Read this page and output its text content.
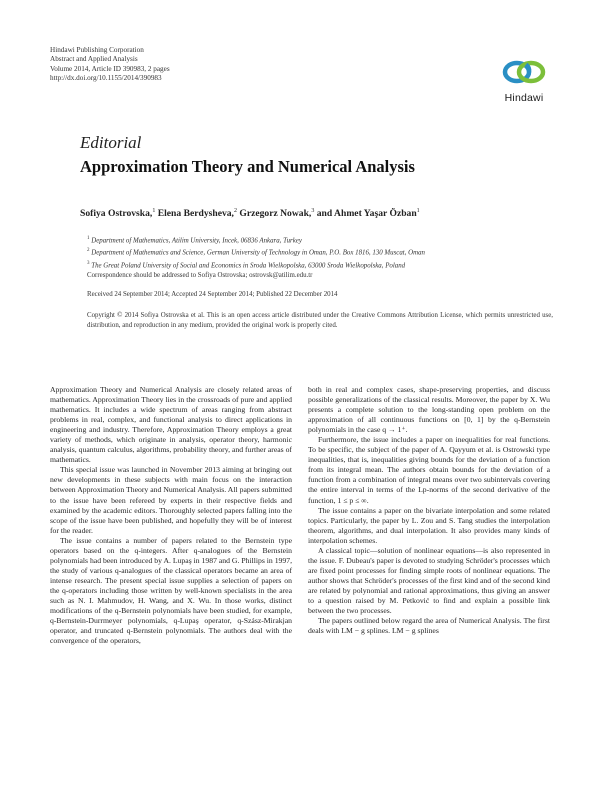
Hindawi Publishing Corporation
Abstract and Applied Analysis
Volume 2014, Article ID 390983, 2 pages
http://dx.doi.org/10.1155/2014/390983
Hindawi
Editorial
Approximation Theory and Numerical Analysis
Sofiya Ostrovska,$^1$ Elena Berdysheva,$^2$ Grzegorz Nowak,$^3$ and Ahmet Yaşar Özban$^1$
$^1$ Department of Mathematics, Atilim University, Incek, 06836 Ankara, Turkey
$^2$ Department of Mathematics and Science, German University of Technology in Oman, P.O. Box 1816, 130 Muscat, Oman
$^3$ The Great Poland University of Social and Economics in Sroda Wielkopolska, 63000 Sroda Wielkopolska, Poland
Correspondence should be addressed to Sofiya Ostrovska; ostrovsk@atilim.edu.tr
Received 24 September 2014; Accepted 24 September 2014; Published 22 December 2014
Copyright © 2014 Sofiya Ostrovska et al. This is an open access article distributed under the Creative Commons Attribution License, which permits unrestricted use, distribution, and reproduction in any medium, provided the original work is properly cited.

Approximation Theory and Numerical Analysis are closely related areas of mathematics. Approximation Theory lies in the crossroads of pure and applied mathematics. It includes a wide spectrum of areas ranging from abstract problems in real, complex, and functional analysis to direct applications in engineering and industry. Therefore, Approximation Theory employs a great variety of methods, which originate in analysis, operator theory, harmonic analysis, quantum calculus, algorithms, probability theory, and further areas of mathematics.

This special issue was launched in November 2013 aiming at bringing out new developments in these subjects with main focus on the interaction between Approximation Theory and Numerical Analysis. All papers submitted to the issue have been refereed by experts in their respective fields and examined by the academic editors. Thoroughly selected papers falling into the scope of the issue have been published, and hopefully they will be of interest for the reader.

The issue contains a number of papers related to the Bernstein type operators based on the q-integers. After q-analogues of the Bernstein polynomials had been introduced by A. Lupaş in 1987 and G. Phillips in 1997, the study of various q-analogues of the classical operators became an area of intense research. The present special issue supplies a selection of papers on the q-operators including those written by well-known specialists in the area such as N. I. Mahmudov, H. Wang, and X. Wu. In those works, distinct modifications of the q-Bernstein polynomials have been studied, for example, q-Bernstein-Durrmeyer polynomials, q-Lupaş operator, q-Szász-Mirakjan operator, and truncated q-Bernstein polynomials. The authors deal with the convergence of the operators,

both in real and complex cases, shape-preserving properties, and discuss possible generalizations of the classical results. Moreover, the paper by X. Wu presents a complete solution to the long-standing open problem on the approximation of all continuous functions on [0, 1] by the q-Bernstein polynomials in the case q → 1⁺.

Furthermore, the issue includes a paper on inequalities for real functions. To be specific, the subject of the paper of A. Qayyum et al. is Ostrowski type inequalities, that is, inequalities giving bounds for the deviation of a function from its integral mean. The authors obtain bounds for the deviation of a function from a combination of integral means over two subintervals covering the entire interval in terms of the Lp-norms of the second derivative of the function, 1 ≤ p ≤ ∞.

The issue contains a paper on the bivariate interpolation and some related topics. Particularly, the paper by L. Zou and S. Tang studies the interpolation theorem, algorithms, and dual interpolation. It also provides many kinds of interpolation schemes.

A classical topic—solution of nonlinear equations—is also represented in the issue. F. Dubeau's paper is devoted to studying Schröder's processes which are fixed point processes for finding simple roots of nonlinear equations. The author shows that Schröder's processes of the first kind and of the second kind are related by polynomial and rational approximations, thus giving an answer to a question raised by M. Petković to find and explain a possible link between the two processes.

The papers outlined below regard the area of Numerical Analysis. The first deals with LM − g splines. LM − g splines
